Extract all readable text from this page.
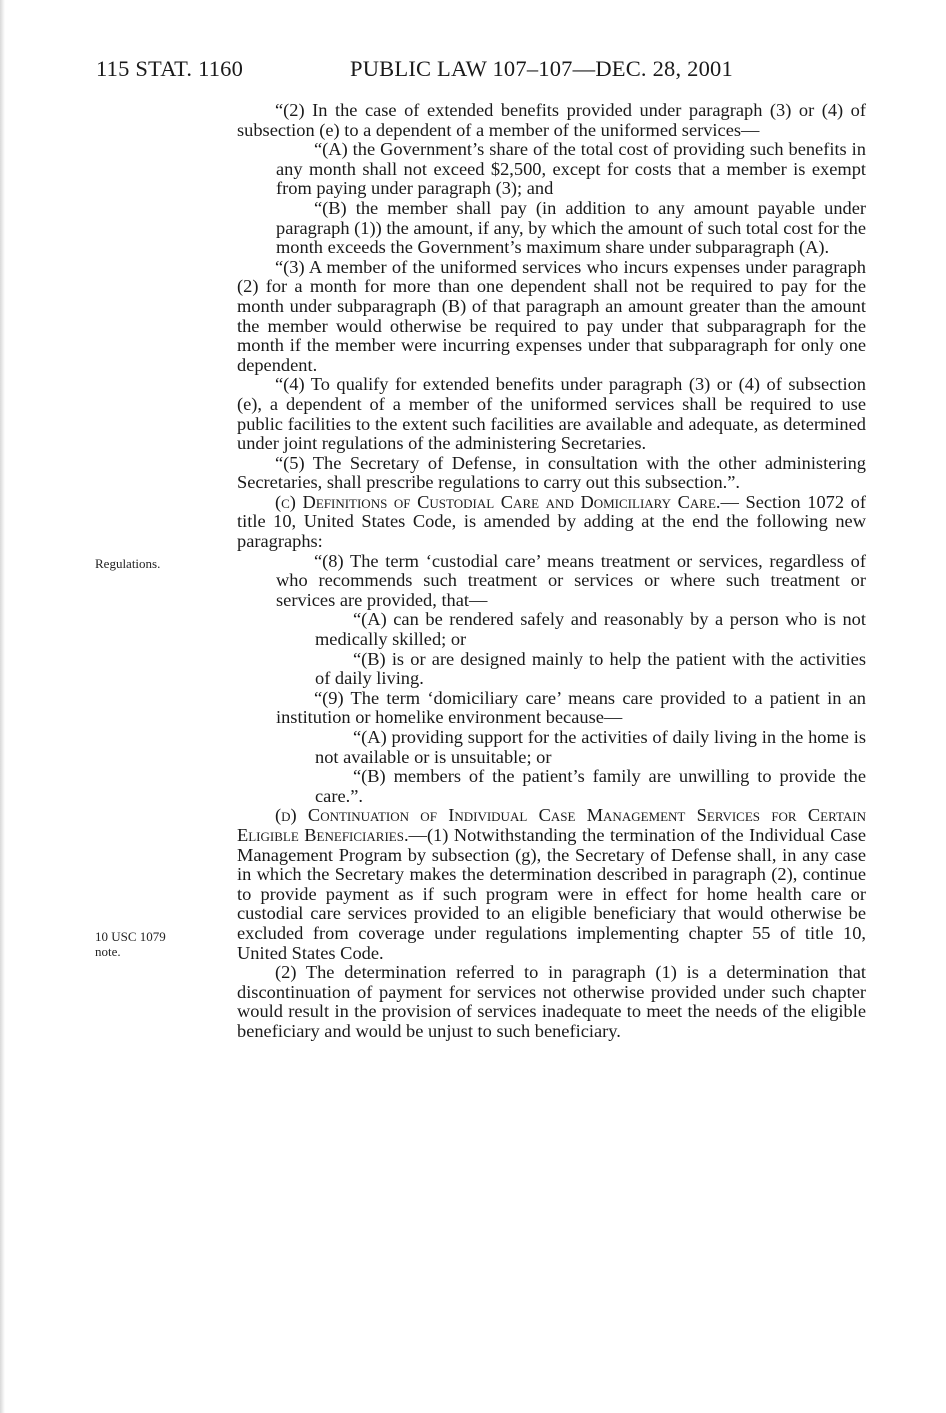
115 STAT. 1160	PUBLIC LAW 107–107—DEC. 28, 2001
Regulations.
10 USC 1079
note.

“(2) In the case of extended benefits provided under paragraph (3) or (4) of subsection (e) to a dependent of a member of the uniformed services—

“(A) the Government’s share of the total cost of providing such benefits in any month shall not exceed $2,500, except for costs that a member is exempt from paying under paragraph (3); and

“(B) the member shall pay (in addition to any amount payable under paragraph (1)) the amount, if any, by which the amount of such total cost for the month exceeds the Government’s maximum share under subparagraph (A).

“(3) A member of the uniformed services who incurs expenses under paragraph (2) for a month for more than one dependent shall not be required to pay for the month under subparagraph (B) of that paragraph an amount greater than the amount the member would otherwise be required to pay under that subparagraph for the month if the member were incurring expenses under that subparagraph for only one dependent.

“(4) To qualify for extended benefits under paragraph (3) or (4) of subsection (e), a dependent of a member of the uniformed services shall be required to use public facilities to the extent such facilities are available and adequate, as determined under joint regulations of the administering Secretaries.

“(5) The Secretary of Defense, in consultation with the other administering Secretaries, shall prescribe regulations to carry out this subsection.”.

(c) Definitions of Custodial Care and Domiciliary Care.— Section 1072 of title 10, United States Code, is amended by adding at the end the following new paragraphs:

“(8) The term ‘custodial care’ means treatment or services, regardless of who recommends such treatment or services or where such treatment or services are provided, that—

“(A) can be rendered safely and reasonably by a person who is not medically skilled; or

“(B) is or are designed mainly to help the patient with the activities of daily living.

“(9) The term ‘domiciliary care’ means care provided to a patient in an institution or homelike environment because—

“(A) providing support for the activities of daily living in the home is not available or is unsuitable; or

“(B) members of the patient’s family are unwilling to provide the care.”.

(d) Continuation of Individual Case Management Services for Certain Eligible Beneficiaries.—(1) Notwithstanding the termination of the Individual Case Management Program by subsection (g), the Secretary of Defense shall, in any case in which the Secretary makes the determination described in paragraph (2), continue to provide payment as if such program were in effect for home health care or custodial care services provided to an eligible beneficiary that would otherwise be excluded from coverage under regulations implementing chapter 55 of title 10, United States Code.

(2) The determination referred to in paragraph (1) is a determination that discontinuation of payment for services not otherwise provided under such chapter would result in the provision of services inadequate to meet the needs of the eligible beneficiary and would be unjust to such beneficiary.
